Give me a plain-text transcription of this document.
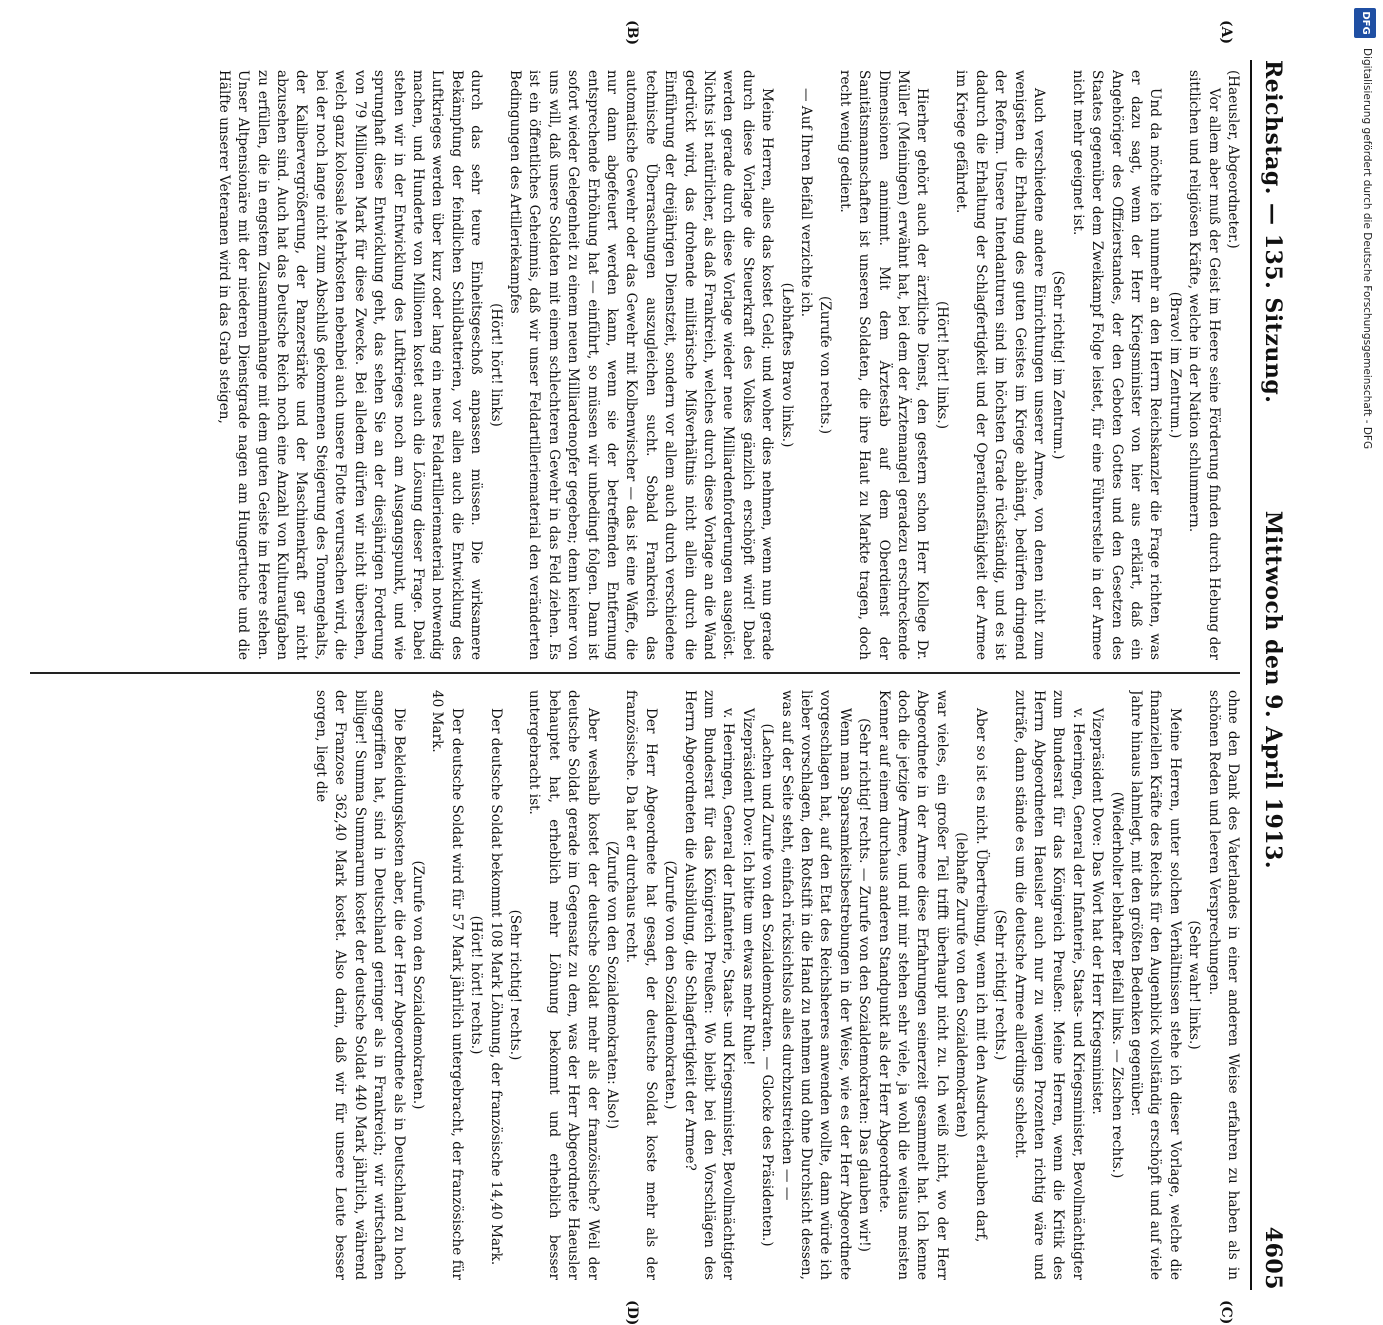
Reichstag. — 135. Sitzung.
Mittwoch den 9. April 1913.
4605
(A)
(B)
(C)
(D)

(Haeusler, Abgeordneter.)

Vor allem aber muß der Geist im Heere seine Förderung finden durch Hebung der sittlichen und religiösen Kräfte, welche in der Nation schlummern.

(Bravo! im Zentrum.)

Und da möchte ich nunmehr an den Herrn Reichskanzler die Frage richten, was er dazu sagt, wenn der Herr Kriegsminister von hier aus erklärt, daß ein Angehöriger des Offizierstandes, der den Geboten Gottes und den Gesetzen des Staates gegenüber dem Zweikampf Folge leistet, für eine Führerstelle in der Armee nicht mehr geeignet ist.

(Sehr richtig! im Zentrum.)

Auch verschiedene andere Einrichtungen unserer Armee, von denen nicht zum wenigsten die Erhaltung des guten Geistes im Kriege abhängt, bedürfen dringend der Reform. Unsere Intendanturen sind im höchsten Grade rückständig, und es ist dadurch die Erhaltung der Schlagfertigkeit und der Operationsfähigkeit der Armee im Kriege gefährdet.

(Hört! hört! links.)

Hierher gehört auch der ärztliche Dienst, den gestern schon Herr Kollege Dr. Müller (Meiningen) erwähnt hat, bei dem der Ärztemangel geradezu erschreckende Dimensionen annimmt. Mit dem Ärztestab auf dem Oberdienst der Sanitätsmannschaften ist unseren Soldaten, die ihre Haut zu Markte tragen, doch recht wenig gedient.

(Zurufe von rechts.)

— Auf Ihren Beifall verzichte ich.

(Lebhaftes Bravo links.)

Meine Herren, alles das kostet Geld; und woher dies nehmen, wenn nun gerade durch diese Vorlage die Steuerkraft des Volkes gänzlich erschöpft wird! Dabei werden gerade durch diese Vorlage wieder neue Milliardenforderungen ausgelöst. Nichts ist natürlicher, als daß Frankreich, welches durch diese Vorlage an die Wand gedrückt wird, das drohende militärische Mißverhältnis nicht allein durch die Einführung der dreijährigen Dienstzeit, sondern vor allem auch durch verschiedene technische Überraschungen auszugleichen sucht. Sobald Frankreich das automatische Gewehr oder das Gewehr mit Kolbenwischer — das ist eine Waffe, die nur dann abgefeuert werden kann, wenn sie der betreffenden Entfernung entsprechende Erhöhung hat — einführt, so müssen wir unbedingt folgen. Dann ist sofort wieder Gelegenheit zu einem neuen Milliardenopfer gegeben; denn keiner von uns will, daß unsere Soldaten mit einem schlechteren Gewehr in das Feld ziehen. Es ist ein öffentliches Geheimnis, daß wir unser Feldartilleriematerial den veränderten Bedingungen des Artilleriekampfes

(Hört! hört! links)

durch das sehr teure Einheitsgeschoß anpassen müssen. Die wirksamere Bekämpfung der feindlichen Schildbatterien, vor allen auch die Entwicklung des Luftkrieges werden über kurz oder lang ein neues Feldartilleriematerial notwendig machen, und Hunderte von Millionen kostet auch die Lösung dieser Frage. Dabei stehen wir in der Entwicklung des Luftkrieges noch am Ausgangspunkt, und wie sprunghaft diese Entwicklung geht, das sehen Sie an der diesjährigen Forderung von 79 Millionen Mark für diese Zwecke. Bei alledem dürfen wir nicht übersehen, welch ganz kolossale Mehrkosten nebenbei auch unsere Flotte verursachen wird, die bei der noch lange nicht zum Abschluß gekommenen Steigerung des Tonnengehalts, der Kalibervergrößerung, der Panzerstärke und der Maschinenkraft gar nicht abzusehen sind. Auch hat das Deutsche Reich noch eine Anzahl von Kulturaufgaben zu erfüllen, die in engstem Zusammenhange mit dem guten Geiste im Heere stehen. Unser Altpensionäre mit der niederen Dienstgrade nagen am Hungertuche und die Hälfte unserer Veteranen wird in das Grab steigen,

ohne den Dank des Vaterlandes in einer anderen Weise erfahren zu haben als in schönen Reden und leeren Versprechungen.

(Sehr wahr! links.)

Meine Herren, unter solchen Verhältnissen stehe ich dieser Vorlage, welche die finanziellen Kräfte des Reichs für den Augenblick vollständig erschöpft und auf viele Jahre hinaus lahmlegt, mit den größten Bedenken gegenüber.

(Wiederholter lebhafter Beifall links. — Zischen rechts.)

Vizepräsident Dove: Das Wort hat der Herr Kriegsminister.

v. Heeringen, General der Infanterie, Staats- und Kriegsminister, Bevollmächtigter zum Bundesrat für das Königreich Preußen: Meine Herren, wenn die Kritik des Herrn Abgeordneten Haeusler auch nur zu wenigen Prozenten richtig wäre und zuträfe, dann stände es um die deutsche Armee allerdings schlecht.

(Sehr richtig! rechts.)

Aber so ist es nicht. Übertreibung, wenn ich mit den Ausdruck erlauben darf,

(lebhafte Zurufe von den Sozialdemokraten)

war vieles, ein großer Teil trifft überhaupt nicht zu. Ich weiß nicht, wo der Herr Abgeordnete in der Armee diese Erfahrungen seinerzeit gesammelt hat. Ich kenne doch die jetzige Armee, und mit mir stehen sehr viele, ja wohl die weitaus meisten Kenner auf einem durchaus anderen Standpunkt als der Herr Abgeordnete.

(Sehr richtig! rechts. — Zurufe von den Sozialdemokraten: Das glauben wir!)

Wenn man Sparsamkeitsbestrebungen in der Weise, wie es der Herr Abgeordnete vorgeschlagen hat, auf den Etat des Reichsheeres anwenden wollte, dann würde ich lieber vorschlagen, den Rotstift in die Hand zu nehmen und ohne Durchsicht dessen, was auf der Seite steht, einfach rücksichtslos alles durchzustreichen — —

(Lachen und Zurufe von den Sozialdemokraten. — Glocke des Präsidenten.)

Vizepräsident Dove: Ich bitte um etwas mehr Ruhe!

v. Heeringen, General der Infanterie, Staats- und Kriegsminister, Bevollmächtigter zum Bundesrat für das Königreich Preußen: Wo bleibt bei den Vorschlägen des Herrn Abgeordneten die Ausbildung, die Schlagfertigkeit der Armee?

(Zurufe von den Sozialdemokraten.)

Der Herr Abgeordnete hat gesagt, der deutsche Soldat koste mehr als der französische. Da hat er durchaus recht.

(Zurufe von den Sozialdemokraten: Also!)

Aber weshalb kostet der deutsche Soldat mehr als der französische? Weil der deutsche Soldat gerade im Gegensatz zu dem, was der Herr Abgeordnete Haeusler behauptet hat, erheblich mehr Löhnung bekommt und erheblich besser untergebracht ist.

(Sehr richtig! rechts.)

Der deutsche Soldat bekommt 108 Mark Löhnung, der französische 14,40 Mark.

(Hört! hört! rechts.)

Der deutsche Soldat wird für 57 Mark jährlich untergebracht, der französische für 40 Mark.

(Zurufe von den Sozialdemokraten.)

Die Bekleidungskosten aber, die der Herr Abgeordnete als in Deutschland zu hoch angegriffen hat, sind in Deutschland geringer als in Frankreich; wir wirtschaften billiger! Summa Summarum kostet der deutsche Soldat 440 Mark jährlich, während der Franzose 362,40 Mark kostet. Also darin, daß wir für unsere Leute besser sorgen, liegt die

DFG
Digitalisierung gefördert durch die Deutsche Forschungsgemeinschaft - DFG
